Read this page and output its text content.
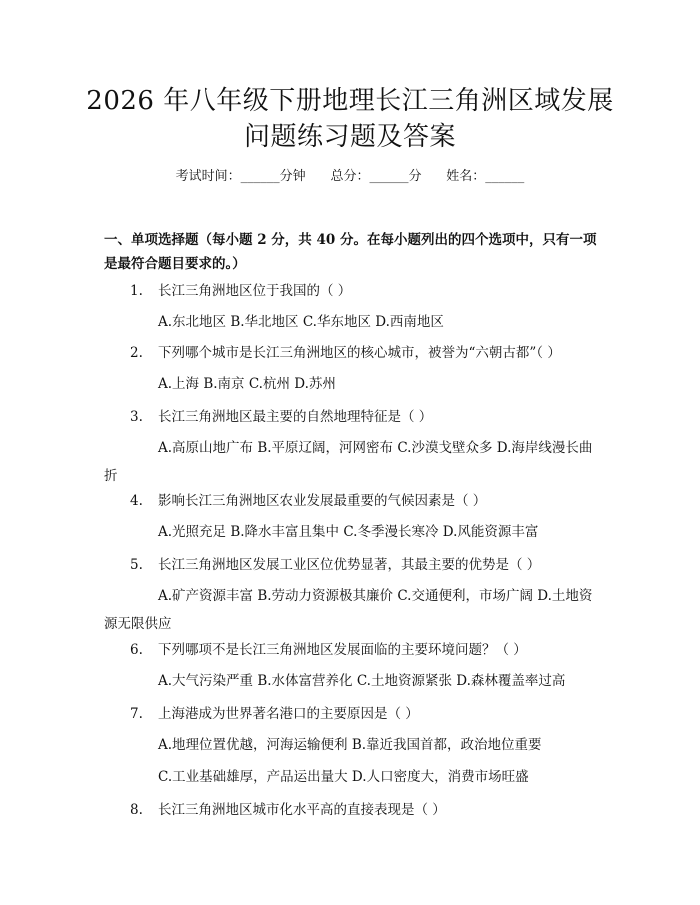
2026 年八年级下册地理长江三角洲区域发展
问题练习题及答案
考试时间：______分钟 总分：______分 姓名：______
一、单项选择题（每小题 2 分，共 40 分。在每小题列出的四个选项中，只有一项是最符合题目要求的。）
1. 长江三角洲地区位于我国的（ ）
A.东北地区 B.华北地区 C.华东地区 D.西南地区
2. 下列哪个城市是长江三角洲地区的核心城市，被誉为“六朝古都”（ ）
A.上海 B.南京 C.杭州 D.苏州
3. 长江三角洲地区最主要的自然地理特征是（ ）
A.高原山地广布 B.平原辽阔，河网密布 C.沙漠戈壁众多 D.海岸线漫长曲折
4. 影响长江三角洲地区农业发展最重要的气候因素是（ ）
A.光照充足 B.降水丰富且集中 C.冬季漫长寒冷 D.风能资源丰富
5. 长江三角洲地区发展工业区位优势显著，其最主要的优势是（ ）
A.矿产资源丰富 B.劳动力资源极其廉价 C.交通便利，市场广阔 D.土地资源无限供应
6. 下列哪项不是长江三角洲地区发展面临的主要环境问题？（ ）
A.大气污染严重 B.水体富营养化 C.土地资源紧张 D.森林覆盖率过高
7. 上海港成为世界著名港口的主要原因是（ ）
A.地理位置优越，河海运输便利 B.靠近我国首都，政治地位重要
C.工业基础雄厚，产品运出量大 D.人口密度大，消费市场旺盛
8. 长江三角洲地区城市化水平高的直接表现是（ ）
